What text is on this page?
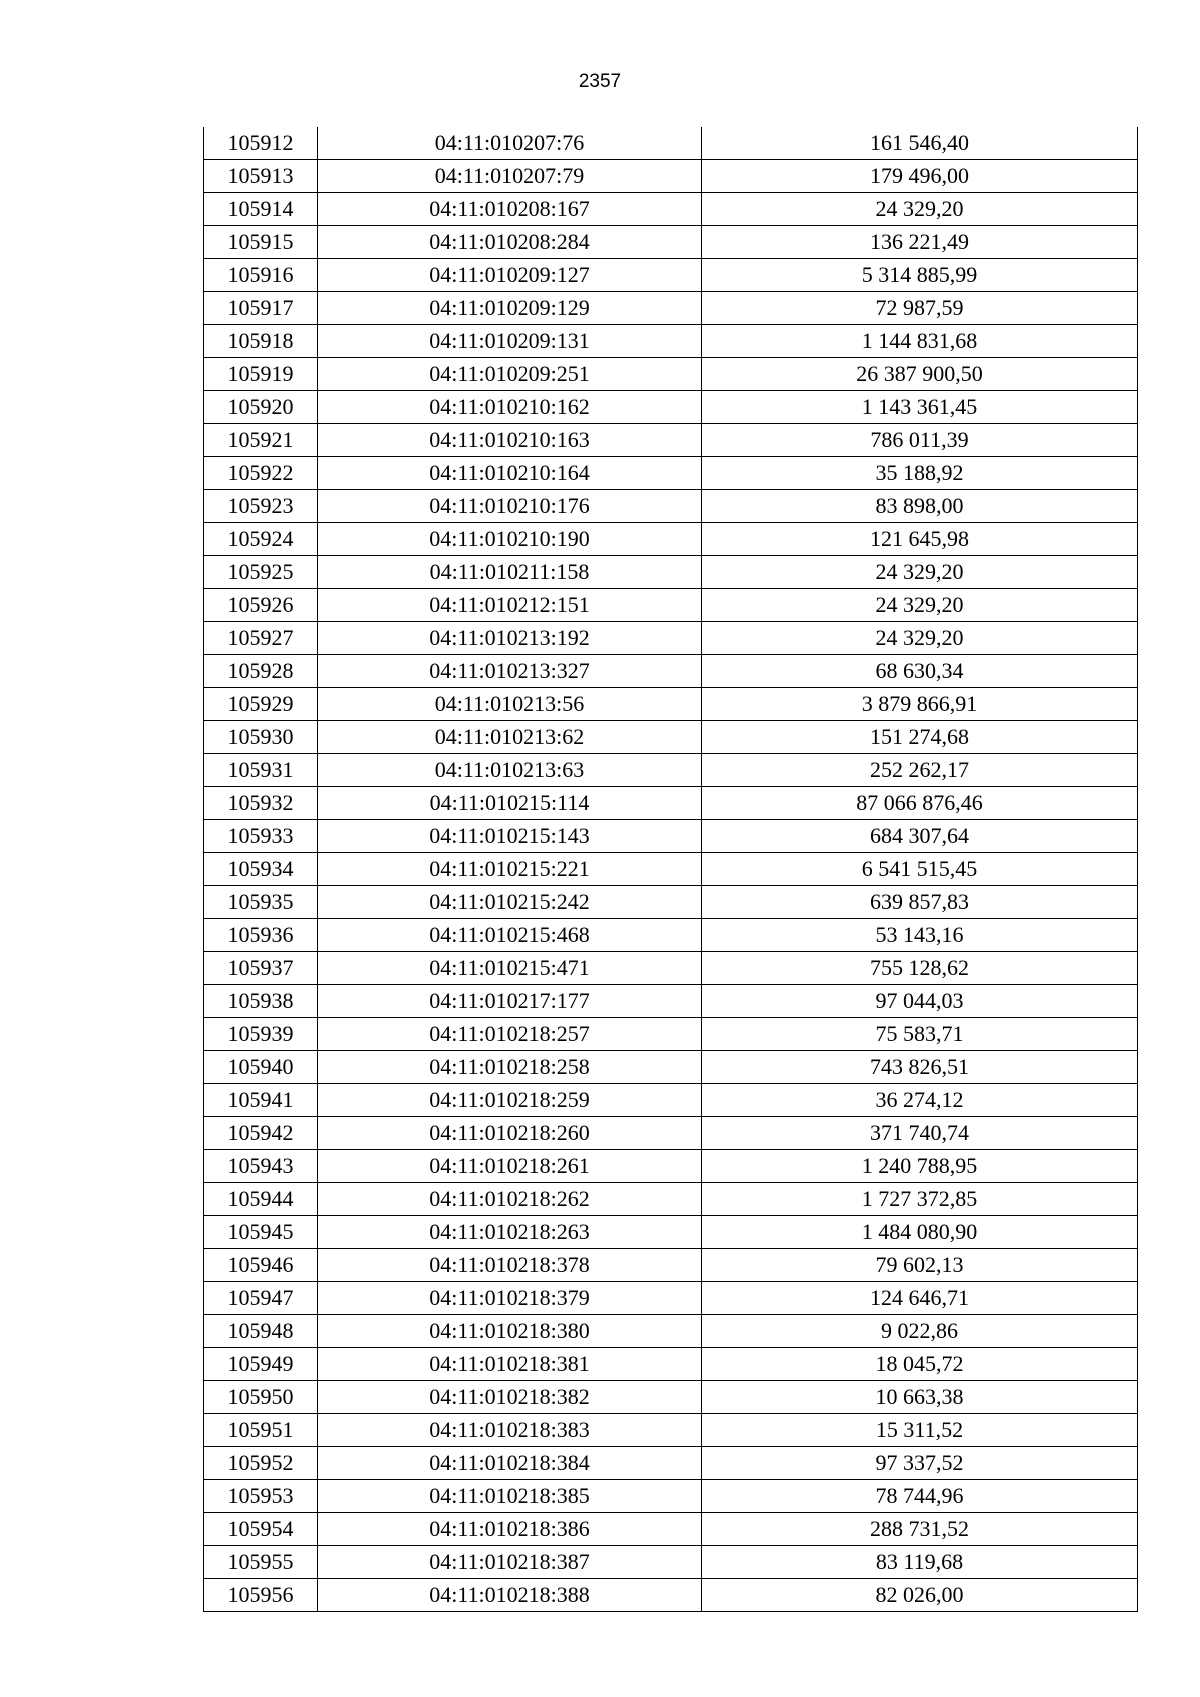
2357
105912	04:11:010207:76	161 546,40
105913	04:11:010207:79	179 496,00
105914	04:11:010208:167	24 329,20
105915	04:11:010208:284	136 221,49
105916	04:11:010209:127	5 314 885,99
105917	04:11:010209:129	72 987,59
105918	04:11:010209:131	1 144 831,68
105919	04:11:010209:251	26 387 900,50
105920	04:11:010210:162	1 143 361,45
105921	04:11:010210:163	786 011,39
105922	04:11:010210:164	35 188,92
105923	04:11:010210:176	83 898,00
105924	04:11:010210:190	121 645,98
105925	04:11:010211:158	24 329,20
105926	04:11:010212:151	24 329,20
105927	04:11:010213:192	24 329,20
105928	04:11:010213:327	68 630,34
105929	04:11:010213:56	3 879 866,91
105930	04:11:010213:62	151 274,68
105931	04:11:010213:63	252 262,17
105932	04:11:010215:114	87 066 876,46
105933	04:11:010215:143	684 307,64
105934	04:11:010215:221	6 541 515,45
105935	04:11:010215:242	639 857,83
105936	04:11:010215:468	53 143,16
105937	04:11:010215:471	755 128,62
105938	04:11:010217:177	97 044,03
105939	04:11:010218:257	75 583,71
105940	04:11:010218:258	743 826,51
105941	04:11:010218:259	36 274,12
105942	04:11:010218:260	371 740,74
105943	04:11:010218:261	1 240 788,95
105944	04:11:010218:262	1 727 372,85
105945	04:11:010218:263	1 484 080,90
105946	04:11:010218:378	79 602,13
105947	04:11:010218:379	124 646,71
105948	04:11:010218:380	9 022,86
105949	04:11:010218:381	18 045,72
105950	04:11:010218:382	10 663,38
105951	04:11:010218:383	15 311,52
105952	04:11:010218:384	97 337,52
105953	04:11:010218:385	78 744,96
105954	04:11:010218:386	288 731,52
105955	04:11:010218:387	83 119,68
105956	04:11:010218:388	82 026,00
